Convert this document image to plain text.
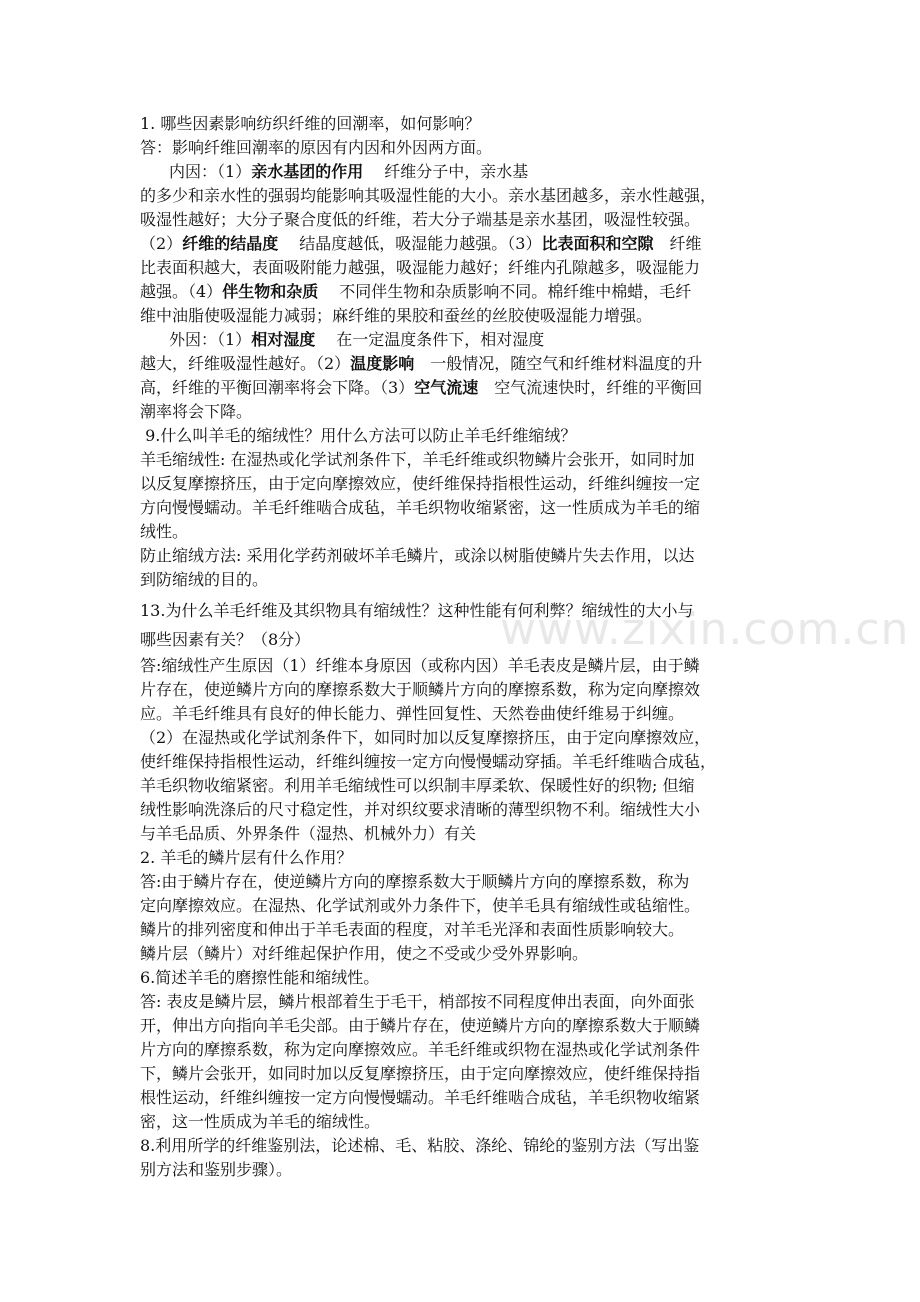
www.zixin.com.cn
1. 哪些因素影响纺织纤维的回潮率，如何影响？
答：影响纤维回潮率的原因有内因和外因两方面。
内因：（1）亲水基团的作用  纤维分子中，亲水基
的多少和亲水性的强弱均能影响其吸湿性能的大小。亲水基团越多，亲水性越强，
吸湿性越好；大分子聚合度低的纤维，若大分子端基是亲水基团，吸湿性较强。
（2）纤维的结晶度  结晶度越低，吸湿能力越强。（3）比表面积和空隙  纤维
比表面积越大，表面吸附能力越强，吸湿能力越好；纤维内孔隙越多，吸湿能力
越强。（4）伴生物和杂质  不同伴生物和杂质影响不同。棉纤维中棉蜡，毛纤
维中油脂使吸湿能力减弱；麻纤维的果胶和蚕丝的丝胶使吸湿能力增强。
外因：（1）相对湿度  在一定温度条件下，相对湿度
越大，纤维吸湿性越好。（2）温度影响  一般情况，随空气和纤维材料温度的升
高，纤维的平衡回潮率将会下降。（3）空气流速  空气流速快时，纤维的平衡回
潮率将会下降。
9.什么叫羊毛的缩绒性？用什么方法可以防止羊毛纤维缩绒？
羊毛缩绒性: 在湿热或化学试剂条件下，羊毛纤维或织物鳞片会张开，如同时加
以反复摩擦挤压，由于定向摩擦效应，使纤维保持指根性运动，纤维纠缠按一定
方向慢慢蠕动。羊毛纤维啮合成毡，羊毛织物收缩紧密，这一性质成为羊毛的缩
绒性。
防止缩绒方法: 采用化学药剂破坏羊毛鳞片，或涂以树脂使鳞片失去作用，以达
到防缩绒的目的。
13.为什么羊毛纤维及其织物具有缩绒性？这种性能有何利弊？缩绒性的大小与
哪些因素有关？（8分）
答:缩绒性产生原因（1）纤维本身原因（或称内因）羊毛表皮是鳞片层，由于鳞
片存在，使逆鳞片方向的摩擦系数大于顺鳞片方向的摩擦系数，称为定向摩擦效
应。羊毛纤维具有良好的伸长能力、弹性回复性、天然卷曲使纤维易于纠缠。
（2）在湿热或化学试剂条件下，如同时加以反复摩擦挤压，由于定向摩擦效应，
使纤维保持指根性运动，纤维纠缠按一定方向慢慢蠕动穿插。羊毛纤维啮合成毡，
羊毛织物收缩紧密。利用羊毛缩绒性可以织制丰厚柔软、保暖性好的织物; 但缩
绒性影响洗涤后的尺寸稳定性，并对织纹要求清晰的薄型织物不利。缩绒性大小
与羊毛品质、外界条件（湿热、机械外力）有关
2. 羊毛的鳞片层有什么作用？
答:由于鳞片存在，使逆鳞片方向的摩擦系数大于顺鳞片方向的摩擦系数，称为
定向摩擦效应。在湿热、化学试剂或外力条件下，使羊毛具有缩绒性或毡缩性。
鳞片的排列密度和伸出于羊毛表面的程度，对羊毛光泽和表面性质影响较大。
鳞片层（鳞片）对纤维起保护作用，使之不受或少受外界影响。
6.简述羊毛的磨擦性能和缩绒性。
答: 表皮是鳞片层，鳞片根部着生于毛干，梢部按不同程度伸出表面，向外面张
开，伸出方向指向羊毛尖部。由于鳞片存在，使逆鳞片方向的摩擦系数大于顺鳞
片方向的摩擦系数，称为定向摩擦效应。羊毛纤维或织物在湿热或化学试剂条件
下，鳞片会张开，如同时加以反复摩擦挤压，由于定向摩擦效应，使纤维保持指
根性运动，纤维纠缠按一定方向慢慢蠕动。羊毛纤维啮合成毡，羊毛织物收缩紧
密，这一性质成为羊毛的缩绒性。
8.利用所学的纤维鉴别法，论述棉、毛、粘胶、涤纶、锦纶的鉴别方法（写出鉴
别方法和鉴别步骤）。
